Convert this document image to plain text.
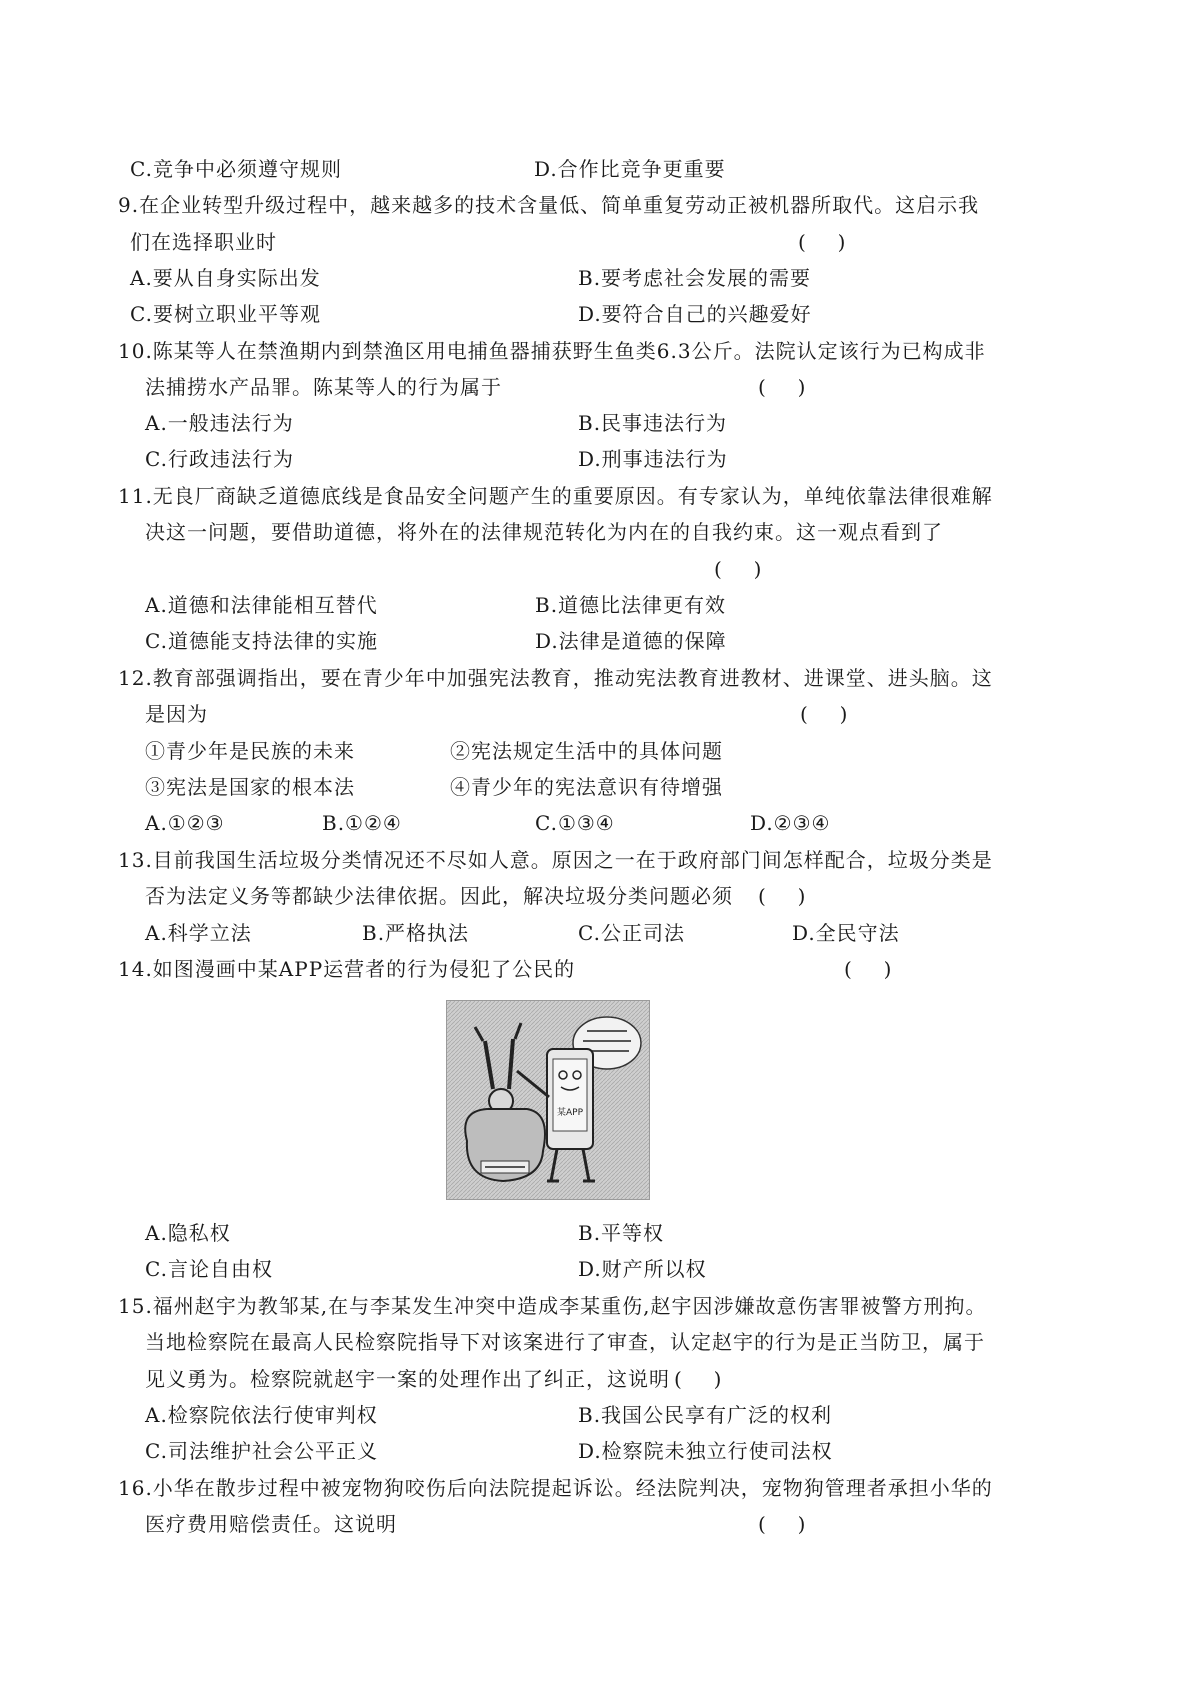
C.竞争中必须遵守规则	D.合作比竞争更重要
9.在企业转型升级过程中，越来越多的技术含量低、简单重复劳动正被机器所取代。这启示我
们在选择职业时	(     )
A.要从自身实际出发	B.要考虑社会发展的需要
C.要树立职业平等观	D.要符合自己的兴趣爱好
10.陈某等人在禁渔期内到禁渔区用电捕鱼器捕获野生鱼类6.3公斤。法院认定该行为已构成非
法捕捞水产品罪。陈某等人的行为属于	(     )
A.一般违法行为	B.民事违法行为
C.行政违法行为	D.刑事违法行为
11.无良厂商缺乏道德底线是食品安全问题产生的重要原因。有专家认为，单纯依靠法律很难解
决这一问题，要借助道德，将外在的法律规范转化为内在的自我约束。这一观点看到了
(     )
A.道德和法律能相互替代	B.道德比法律更有效
C.道德能支持法律的实施	D.法律是道德的保障
12.教育部强调指出，要在青少年中加强宪法教育，推动宪法教育进教材、进课堂、进头脑。这
是因为	(     )
①青少年是民族的未来	②宪法规定生活中的具体问题
③宪法是国家的根本法	④青少年的宪法意识有待增强
A.①②③	B.①②④	C.①③④	D.②③④
13.目前我国生活垃圾分类情况还不尽如人意。原因之一在于政府部门间怎样配合，垃圾分类是
否为法定义务等都缺少法律依据。因此，解决垃圾分类问题必须 (     )
A.科学立法	B.严格执法	C.公正司法	D.全民守法
14.如图漫画中某APP运营者的行为侵犯了公民的	(     )
某APP
A.隐私权	B.平等权
C.言论自由权	D.财产所以权
15.福州赵宇为教邹某,在与李某发生冲突中造成李某重伤,赵宇因涉嫌故意伤害罪被警方刑拘。
当地检察院在最高人民检察院指导下对该案进行了审查，认定赵宇的行为是正当防卫，属于
见义勇为。检察院就赵宇一案的处理作出了纠正，这说明 (     )
A.检察院依法行使审判权	B.我国公民享有广泛的权利
C.司法维护社会公平正义	D.检察院未独立行使司法权
16.小华在散步过程中被宠物狗咬伤后向法院提起诉讼。经法院判决，宠物狗管理者承担小华的
医疗费用赔偿责任。这说明	(     )
